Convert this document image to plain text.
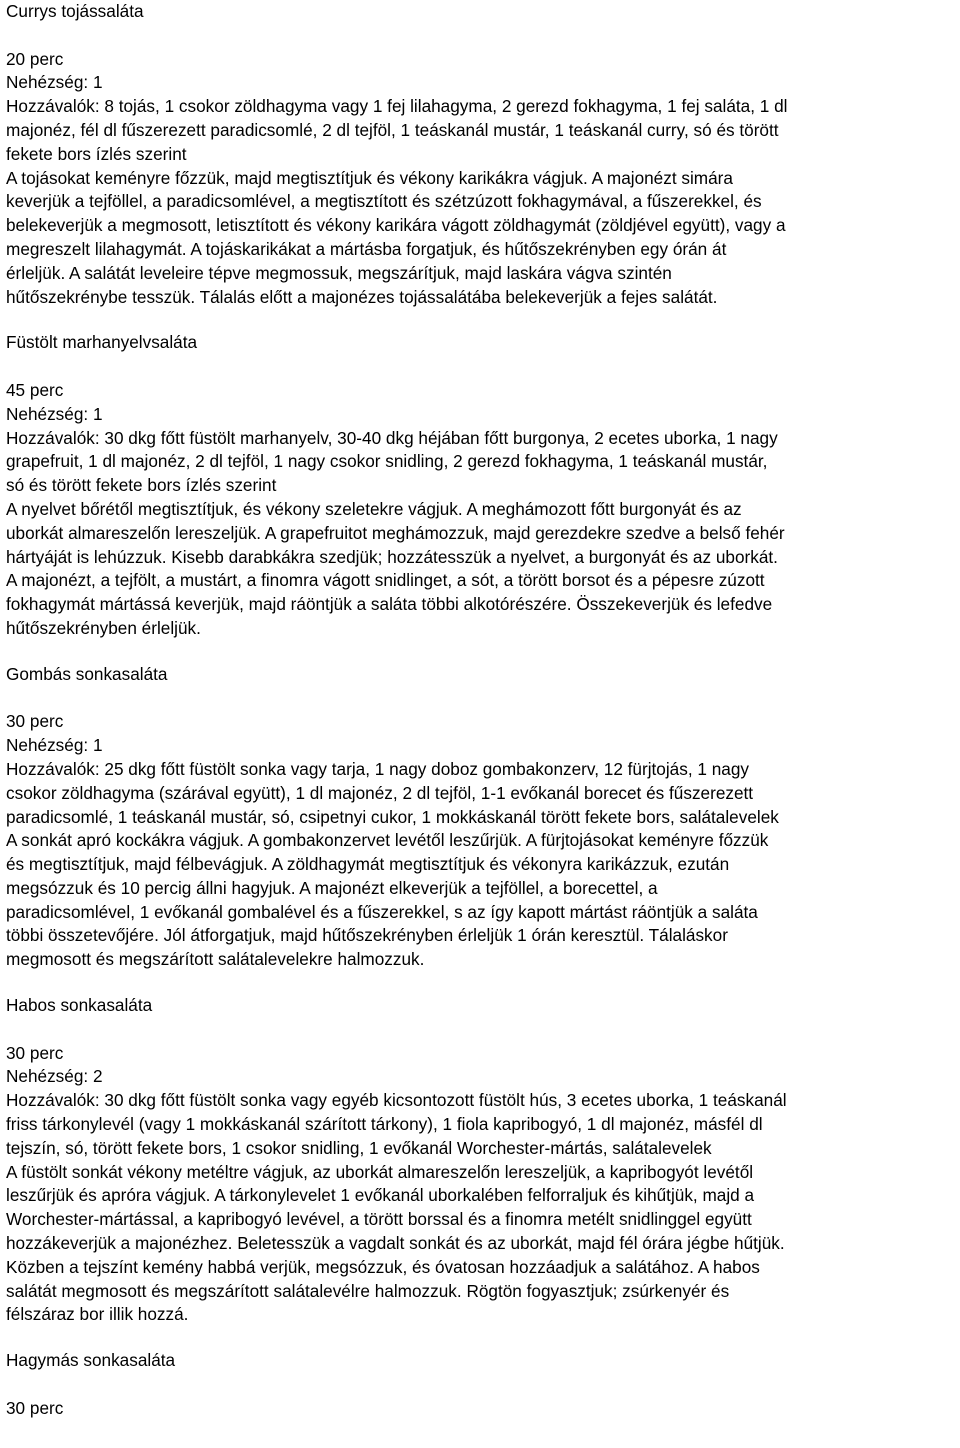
Currys tojássaláta
20 perc
Nehézség: 1
Hozzávalók: 8 tojás, 1 csokor zöldhagyma vagy 1 fej lilahagyma, 2 gerezd fokhagyma, 1 fej saláta, 1 dl
majonéz, fél dl fűszerezett paradicsomlé, 2 dl tejföl, 1 teáskanál mustár, 1 teáskanál curry, só és törött
fekete bors ízlés szerint
A tojásokat keményre főzzük, majd megtisztítjuk és vékony karikákra vágjuk. A majonézt simára
keverjük a tejföllel, a paradicsomlével, a megtisztított és szétzúzott fokhagymával, a fűszerekkel, és
belekeverjük a megmosott, letisztított és vékony karikára vágott zöldhagymát (zöldjével együtt), vagy a
megreszelt lilahagymát. A tojáskarikákat a mártásba forgatjuk, és hűtőszekrényben egy órán át
érleljük. A salátát leveleire tépve megmossuk, megszárítjuk, majd laskára vágva szintén
hűtőszekrénybe tesszük. Tálalás előtt a majonézes tojássalátába belekeverjük a fejes salátát.
Füstölt marhanyelvsaláta
45 perc
Nehézség: 1
Hozzávalók: 30 dkg főtt füstölt marhanyelv, 30-40 dkg héjában főtt burgonya, 2 ecetes uborka, 1 nagy
grapefruit, 1 dl majonéz, 2 dl tejföl, 1 nagy csokor snidling, 2 gerezd fokhagyma, 1 teáskanál mustár,
só és törött fekete bors ízlés szerint
A nyelvet bőrétől megtisztítjuk, és vékony szeletekre vágjuk. A meghámozott főtt burgonyát és az
uborkát almareszelőn lereszeljük. A grapefruitot meghámozzuk, majd gerezdekre szedve a belső fehér
hártyáját is lehúzzuk. Kisebb darabkákra szedjük; hozzátesszük a nyelvet, a burgonyát és az uborkát.
A majonézt, a tejfölt, a mustárt, a finomra vágott snidlinget, a sót, a törött borsot és a pépesre zúzott
fokhagymát mártássá keverjük, majd ráöntjük a saláta többi alkotórészére. Összekeverjük és lefedve
hűtőszekrényben érleljük.
Gombás sonkasaláta
30 perc
Nehézség: 1
Hozzávalók: 25 dkg főtt füstölt sonka vagy tarja, 1 nagy doboz gombakonzerv, 12 fürjtojás, 1 nagy
csokor zöldhagyma (szárával együtt), 1 dl majonéz, 2 dl tejföl, 1-1 evőkanál borecet és fűszerezett
paradicsomlé, 1 teáskanál mustár, só, csipetnyi cukor, 1 mokkáskanál törött fekete bors, salátalevelek
A sonkát apró kockákra vágjuk. A gombakonzervet levétől leszűrjük. A fürjtojásokat keményre főzzük
és megtisztítjuk, majd félbevágjuk. A zöldhagymát megtisztítjuk és vékonyra karikázzuk, ezután
megsózzuk és 10 percig állni hagyjuk. A majonézt elkeverjük a tejföllel, a borecettel, a
paradicsomlével, 1 evőkanál gombalével és a fűszerekkel, s az így kapott mártást ráöntjük a saláta
többi összetevőjére. Jól átforgatjuk, majd hűtőszekrényben érleljük 1 órán keresztül. Tálaláskor
megmosott és megszárított salátalevelekre halmozzuk.
Habos sonkasaláta
30 perc
Nehézség: 2
Hozzávalók: 30 dkg főtt füstölt sonka vagy egyéb kicsontozott füstölt hús, 3 ecetes uborka, 1 teáskanál
friss tárkonylevél (vagy 1 mokkáskanál szárított tárkony), 1 fiola kapribogyó, 1 dl majonéz, másfél dl
tejszín, só, törött fekete bors, 1 csokor snidling, 1 evőkanál Worchester-mártás, salátalevelek
A füstölt sonkát vékony metéltre vágjuk, az uborkát almareszelőn lereszeljük, a kapribogyót levétől
leszűrjük és apróra vágjuk. A tárkonylevelet 1 evőkanál uborkalében felforraljuk és kihűtjük, majd a
Worchester-mártással, a kapribogyó levével, a törött borssal és a finomra metélt snidlinggel együtt
hozzákeverjük a majonézhez. Beletesszük a vagdalt sonkát és az uborkát, majd fél órára jégbe hűtjük.
Közben a tejszínt kemény habbá verjük, megsózzuk, és óvatosan hozzáadjuk a salátához. A habos
salátát megmosott és megszárított salátalevélre halmozzuk. Rögtön fogyasztjuk; zsúrkenyér és
félszáraz bor illik hozzá.
Hagymás sonkasaláta
30 perc
